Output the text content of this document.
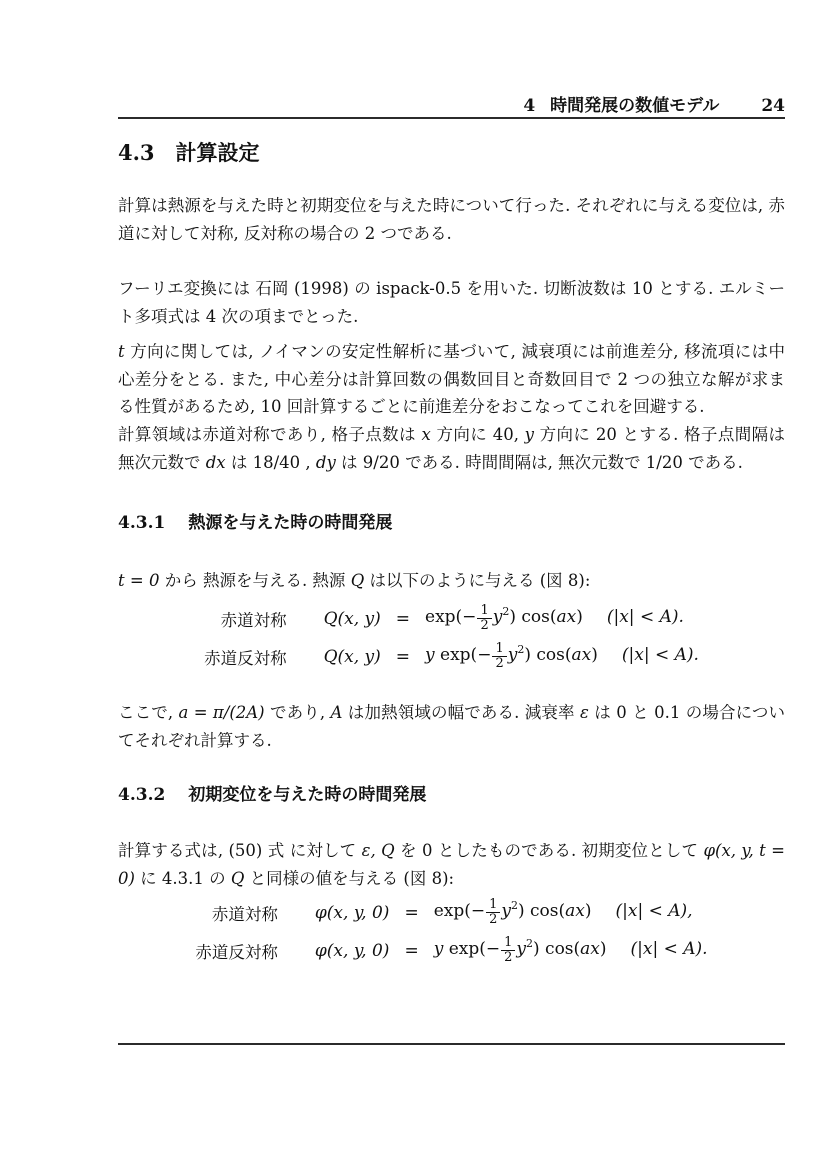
4 時間発展の数値モデル 24
4.3 計算設定

計算は熱源を与えた時と初期変位を与えた時について行った. それぞれに与える変位は, 赤道に対して対称, 反対称の場合の 2 つである.

フーリエ変換には 石岡 (1998) の ispack-0.5 を用いた. 切断波数は 10 とする. エルミート多項式は 4 次の項までとった.

t 方向に関しては, ノイマンの安定性解析に基づいて, 減衰項には前進差分, 移流項には中心差分をとる. また, 中心差分は計算回数の偶数回目と奇数回目で 2 つの独立な解が求まる性質があるため, 10 回計算するごとに前進差分をおこなってこれを回避する.

計算領域は赤道対称であり, 格子点数は x 方向に 40, y 方向に 20 とする. 格子点間隔は無次元数で dx は 18/40 , dy は 9/20 である. 時間間隔は, 無次元数で 1/20 である.

4.3.1 熱源を与えた時の時間発展

t = 0 から 熱源を与える. 熱源 Q は以下のように与える (図 8):

赤道対称	Q(x, $y) = \exp(- \frac{1}{2} y^2)$ cos(ax) (|x| < A).
赤道反対称	Q(x, y) = y $\exp(- \frac{1}{2} y^2)$ cos(ax) (|x| < A).

ここで, a = π/(2A) であり, A は加熱領域の幅である. 減衰率 ε は 0 と 0.1 の場合についてそれぞれ計算する.

4.3.2 初期変位を与えた時の時間発展

計算する式は, (50) 式 に対して ε, Q を 0 としたものである. 初期変位として φ(x, y, t = 0) に 4.3.1 の Q と同様の値を与える (図 8):

赤道対称	φ(x, y, $0) = \exp(- \frac{1}{2} y^2)$ cos(ax) (|x| < A),
赤道反対称	φ(x, y, 0) = y $\exp(- \frac{1}{2} y^2)$ cos(ax) (|x| < A).
